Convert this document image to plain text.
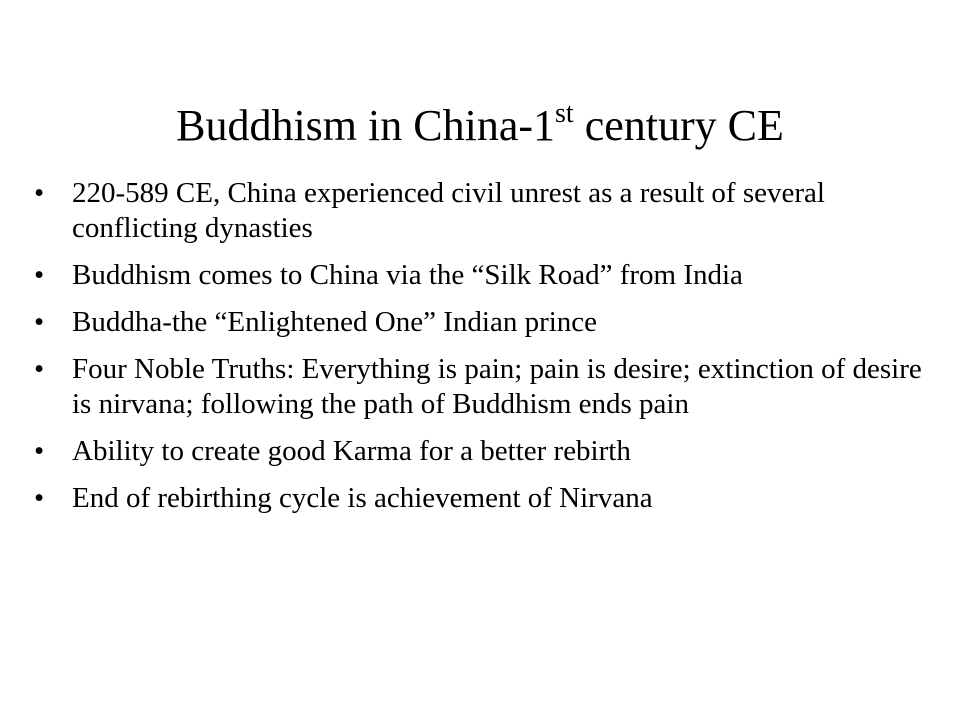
Buddhism in China-1st century CE
• 220-589 CE, China experienced civil unrest as a result of several conflicting dynasties
• Buddhism comes to China via the “Silk Road” from India
• Buddha-the “Enlightened One” Indian prince
• Four Noble Truths: Everything is pain; pain is desire; extinction of desire is nirvana; following the path of Buddhism ends pain
• Ability to create good Karma for a better rebirth
• End of rebirthing cycle is achievement of Nirvana
